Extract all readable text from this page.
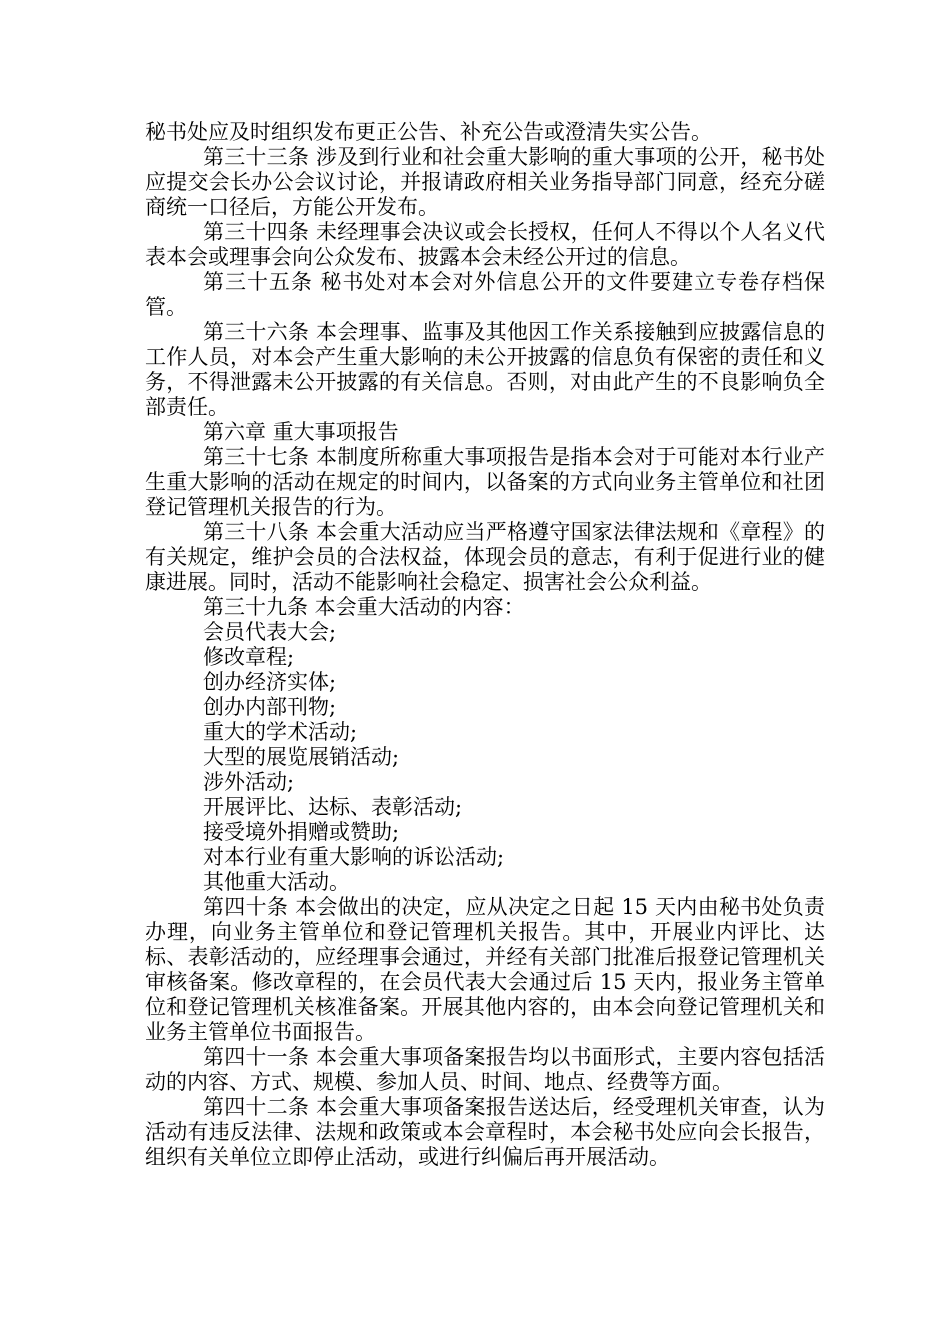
秘书处应及时组织发布更正公告、补充公告或澄清失实公告。

第三十三条 涉及到行业和社会重大影响的重大事项的公开，秘书处应提交会长办公会议讨论，并报请政府相关业务指导部门同意，经充分磋商统一口径后，方能公开发布。

第三十四条 未经理事会决议或会长授权，任何人不得以个人名义代表本会或理事会向公众发布、披露本会未经公开过的信息。

第三十五条 秘书处对本会对外信息公开的文件要建立专卷存档保管。

第三十六条 本会理事、监事及其他因工作关系接触到应披露信息的工作人员，对本会产生重大影响的未公开披露的信息负有保密的责任和义务，不得泄露未公开披露的有关信息。否则，对由此产生的不良影响负全部责任。

第六章 重大事项报告

第三十七条 本制度所称重大事项报告是指本会对于可能对本行业产生重大影响的活动在规定的时间内，以备案的方式向业务主管单位和社团登记管理机关报告的行为。

第三十八条 本会重大活动应当严格遵守国家法律法规和《章程》的有关规定，维护会员的合法权益，体现会员的意志，有利于促进行业的健康进展。同时，活动不能影响社会稳定、损害社会公众利益。

第三十九条 本会重大活动的内容：

会员代表大会;

修改章程;

创办经济实体;

创办内部刊物;

重大的学术活动;

大型的展览展销活动;

涉外活动;

开展评比、达标、表彰活动;

接受境外捐赠或赞助;

对本行业有重大影响的诉讼活动;

其他重大活动。

第四十条 本会做出的决定，应从决定之日起 15 天内由秘书处负责办理，向业务主管单位和登记管理机关报告。其中，开展业内评比、达标、表彰活动的，应经理事会通过，并经有关部门批准后报登记管理机关审核备案。修改章程的，在会员代表大会通过后 15 天内，报业务主管单位和登记管理机关核准备案。开展其他内容的，由本会向登记管理机关和业务主管单位书面报告。

第四十一条 本会重大事项备案报告均以书面形式，主要内容包括活动的内容、方式、规模、参加人员、时间、地点、经费等方面。

第四十二条 本会重大事项备案报告送达后，经受理机关审查，认为活动有违反法律、法规和政策或本会章程时，本会秘书处应向会长报告，组织有关单位立即停止活动，或进行纠偏后再开展活动。
